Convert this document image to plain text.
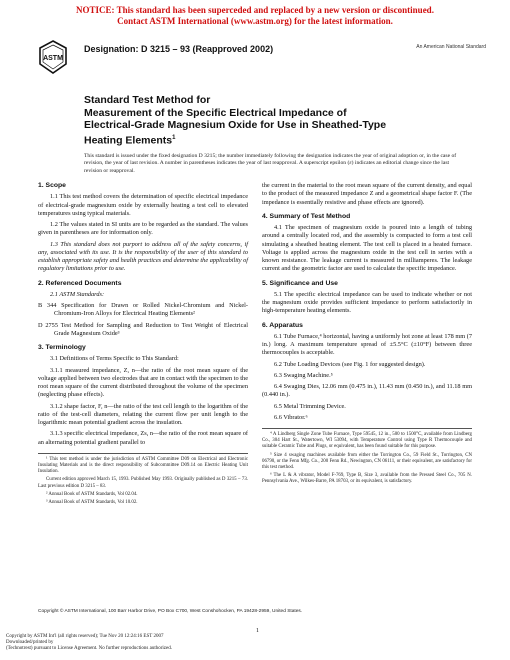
NOTICE: This standard has been superceded and replaced by a new version or discontinued.
Contact ASTM International (www.astm.org) for the latest information.
ASTM
Designation: D 3215 – 93 (Reapproved 2002)	An American National Standard
Standard Test Method for
Measurement of the Specific Electrical Impedance of
Electrical-Grade Magnesium Oxide for Use in Sheathed-Type
Heating Elements$^1$
This standard is issued under the fixed designation D 3215; the number immediately following the designation indicates the year of original adoption or, in the case of revision, the year of last revision. A number in parentheses indicates the year of last reapproval. A superscript epsilon (ε) indicates an editorial change since the last revision or reapproval.
1. Scope

1.1 This test method covers the determination of specific electrical impedance of electrical-grade magnesium oxide by externally heating a test cell to elevated temperatures using typical materials.

1.2 The values stated in SI units are to be regarded as the standard. The values given in parentheses are for information only.

1.3 This standard does not purport to address all of the safety concerns, if any, associated with its use. It is the responsibility of the user of this standard to establish appropriate safety and health practices and determine the applicability of regulatory limitations prior to use.

2. Referenced Documents

2.1 ASTM Standards:

B 344 Specification for Drawn or Rolled Nickel-Chromium and Nickel-Chromium-Iron Alloys for Electrical Heating Elements²

D 2755 Test Method for Sampling and Reduction to Test Weight of Electrical Grade Magnesium Oxide³

3. Terminology

3.1 Definitions of Terms Specific to This Standard:

3.1.1 measured impedance, Z, n—the ratio of the root mean square of the voltage applied between two electrodes that are in contact with the specimen to the root mean square of the current distributed throughout the volume of the specimen (neglecting phase effects).

3.1.2 shape factor, F, n—the ratio of the test cell length to the logarithm of the ratio of the test-cell diameters, relating the current flow per unit length to the logarithmic mean potential gradient across the insulation.

3.1.3 specific electrical impedance, Zs, n—the ratio of the root mean square of an alternating potential gradient parallel to

¹ This test method is under the jurisdiction of ASTM Committee D09 on Electrical and Electronic Insulating Materials and is the direct responsibility of Subcommittee D09.14 on Electric Heating Unit Insulation.

Current edition approved March 15, 1993. Published May 1993. Originally published as D 3215 – 73. Last previous edition D 3215 – 83.

² Annual Book of ASTM Standards, Vol 02.04.

³ Annual Book of ASTM Standards, Vol 10.02.

the current in the material to the root mean square of the current density, and equal to the product of the measured impedance Z and a geometrical shape factor F. (The impedance is essentially resistive and phase effects are ignored).

4. Summary of Test Method

4.1 The specimen of magnesium oxide is poured into a length of tubing around a centrally located rod, and the assembly is compacted to form a test cell simulating a sheathed heating element. The test cell is placed in a heated furnace. Voltage is applied across the magnesium oxide in the test cell in series with a known resistance. The leakage current is measured in milliamperes. The leakage current and the geometric factor are used to calculate the specific impedance.

5. Significance and Use

5.1 The specific electrical impedance can be used to indicate whether or not the magnesium oxide provides sufficient impedance to perform satisfactorily in high-temperature heating elements.

6. Apparatus

6.1 Tube Furnace,⁴ horizontal, having a uniformly hot zone at least 178 mm (7 in.) long. A maximum temperature spread of ±5.5°C (±10°F) between three thermocouples is acceptable.

6.2 Tube Loading Devices (see Fig. 1 for suggested design).

6.3 Swaging Machine.⁵

6.4 Swaging Dies, 12.06 mm (0.475 in.), 11.43 mm (0.450 in.), and 11.18 mm (0.440 in.).

6.5 Metal Trimming Device.

6.6 Vibrator.⁶

⁴ A Lindberg Single Zone Tube Furnace, Type 59545, 12 in., 500 to 1500°C, available from Lindberg Co., 304 Hart St., Watertown, WI 53094, with Temperature Control using Type R Thermocouple and suitable Ceramic Tube and Plugs, or equivalent, has been found suitable for this purpose.

⁵ Size 4 swaging machines available from either the Torrington Co., 59 Field St., Torrington, CN 06790, or the Fenn Mfg. Co., 200 Fenn Rd., Newington, CN 06111, or their equivalent, are satisfactory for this test method.

⁶ The L & A vibrator, Model F-769, Type B, Size 3, available from the Pressed Steel Co., 705 N. Pennsylvania Ave., Wilkes-Barre, PA 18703, or its equivalent, is satisfactory.

Copyright © ASTM International, 100 Barr Harbor Drive, PO Box C700, West Conshohocken, PA 19428-2959, United States.
1
Copyright by ASTM Int'l (all rights reserved); Tue Nov 20 12:24:16 EST 2007
Downloaded/printed by
(Technotrest) pursuant to License Agreement. No further reproductions authorized.
